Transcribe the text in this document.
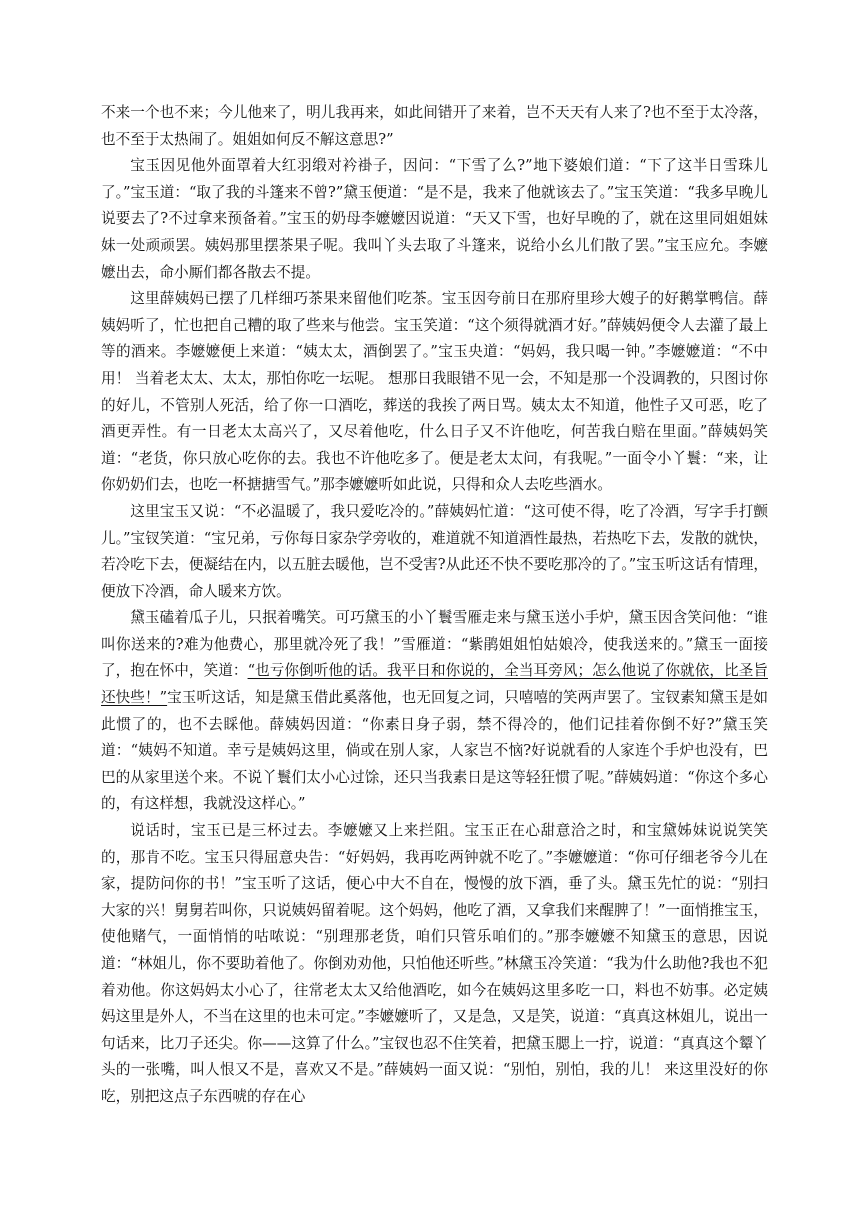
不来一个也不来；今儿他来了，明儿我再来，如此间错开了来着，岂不天天有人来了?也不至于太冷落，也不至于太热闹了。姐姐如何反不解这意思?”

宝玉因见他外面罩着大红羽缎对衿褂子，因问：“下雪了么?”地下婆娘们道：“下了这半日雪珠儿了。”宝玉道：“取了我的斗篷来不曾?”黛玉便道：“是不是，我来了他就该去了。”宝玉笑道：“我多早晚儿说要去了?不过拿来预备着。”宝玉的奶母李嬷嬷因说道：“天又下雪，也好早晚的了，就在这里同姐姐妹妹一处顽顽罢。姨妈那里摆茶果子呢。我叫丫头去取了斗篷来，说给小幺儿们散了罢。”宝玉应允。李嬷嬷出去，命小厮们都各散去不提。

这里薛姨妈已摆了几样细巧茶果来留他们吃茶。宝玉因夸前日在那府里珍大嫂子的好鹅掌鸭信。薛姨妈听了，忙也把自己糟的取了些来与他尝。宝玉笑道：“这个须得就酒才好。”薛姨妈便令人去灌了最上等的酒来。李嬷嬷便上来道：“姨太太，酒倒罢了。”宝玉央道：“妈妈，我只喝一钟。”李嬷嬷道：“不中用！ 当着老太太、太太，那怕你吃一坛呢。 想那日我眼错不见一会，不知是那一个没调教的，只图讨你的好儿，不管别人死活，给了你一口酒吃，葬送的我挨了两日骂。姨太太不知道，他性子又可恶，吃了酒更弄性。有一日老太太高兴了，又尽着他吃，什么日子又不许他吃，何苦我白赔在里面。”薛姨妈笑道：“老货，你只放心吃你的去。我也不许他吃多了。便是老太太问，有我呢。”一面令小丫鬟：“来，让你奶奶们去，也吃一杯搪搪雪气。”那李嬷嬷听如此说，只得和众人去吃些酒水。

这里宝玉又说：“不必温暖了，我只爱吃冷的。”薛姨妈忙道：“这可使不得，吃了冷酒，写字手打颤儿。”宝钗笑道：“宝兄弟，亏你每日家杂学旁收的，难道就不知道酒性最热，若热吃下去，发散的就快，若冷吃下去，便凝结在内，以五脏去暖他，岂不受害?从此还不快不要吃那冷的了。”宝玉听这话有情理，便放下冷酒，命人暖来方饮。

黛玉磕着瓜子儿，只抿着嘴笑。可巧黛玉的小丫鬟雪雁走来与黛玉送小手炉，黛玉因含笑问他：“谁叫你送来的?难为他费心，那里就冷死了我！”雪雁道：“紫鹃姐姐怕姑娘冷，使我送来的。”黛玉一面接了，抱在怀中，笑道：“也亏你倒听他的话。我平日和你说的，全当耳旁风；怎么他说了你就依，比圣旨还快些！”宝玉听这话，知是黛玉借此奚落他，也无回复之词，只嘻嘻的笑两声罢了。宝钗素知黛玉是如此惯了的，也不去睬他。薛姨妈因道：“你素日身子弱，禁不得冷的，他们记挂着你倒不好?”黛玉笑道：“姨妈不知道。幸亏是姨妈这里，倘或在别人家，人家岂不恼?好说就看的人家连个手炉也没有，巴巴的从家里送个来。不说丫鬟们太小心过馀，还只当我素日是这等轻狂惯了呢。”薛姨妈道：“你这个多心的，有这样想，我就没这样心。”

说话时，宝玉已是三杯过去。李嬷嬷又上来拦阻。宝玉正在心甜意洽之时，和宝黛姊妹说说笑笑的，那肯不吃。宝玉只得屈意央告：“好妈妈，我再吃两钟就不吃了。”李嬷嬷道：“你可仔细老爷今儿在家，提防问你的书！”宝玉听了这话，便心中大不自在，慢慢的放下酒，垂了头。黛玉先忙的说：“别扫大家的兴！舅舅若叫你，只说姨妈留着呢。这个妈妈，他吃了酒，又拿我们来醒脾了！”一面悄推宝玉，使他赌气，一面悄悄的咕哝说：“别理那老货，咱们只管乐咱们的。”那李嬷嬷不知黛玉的意思，因说道：“林姐儿，你不要助着他了。你倒劝劝他，只怕他还听些。”林黛玉冷笑道：“我为什么助他?我也不犯着劝他。你这妈妈太小心了，往常老太太又给他酒吃，如今在姨妈这里多吃一口，料也不妨事。必定姨妈这里是外人，不当在这里的也未可定。”李嬷嬷听了，又是急，又是笑，说道：“真真这林姐儿，说出一句话来，比刀子还尖。你——这算了什么。”宝钗也忍不住笑着，把黛玉腮上一拧，说道：“真真这个颦丫头的一张嘴，叫人恨又不是，喜欢又不是。”薛姨妈一面又说：“别怕，别怕，我的儿！ 来这里没好的你吃，别把这点子东西唬的存在心
